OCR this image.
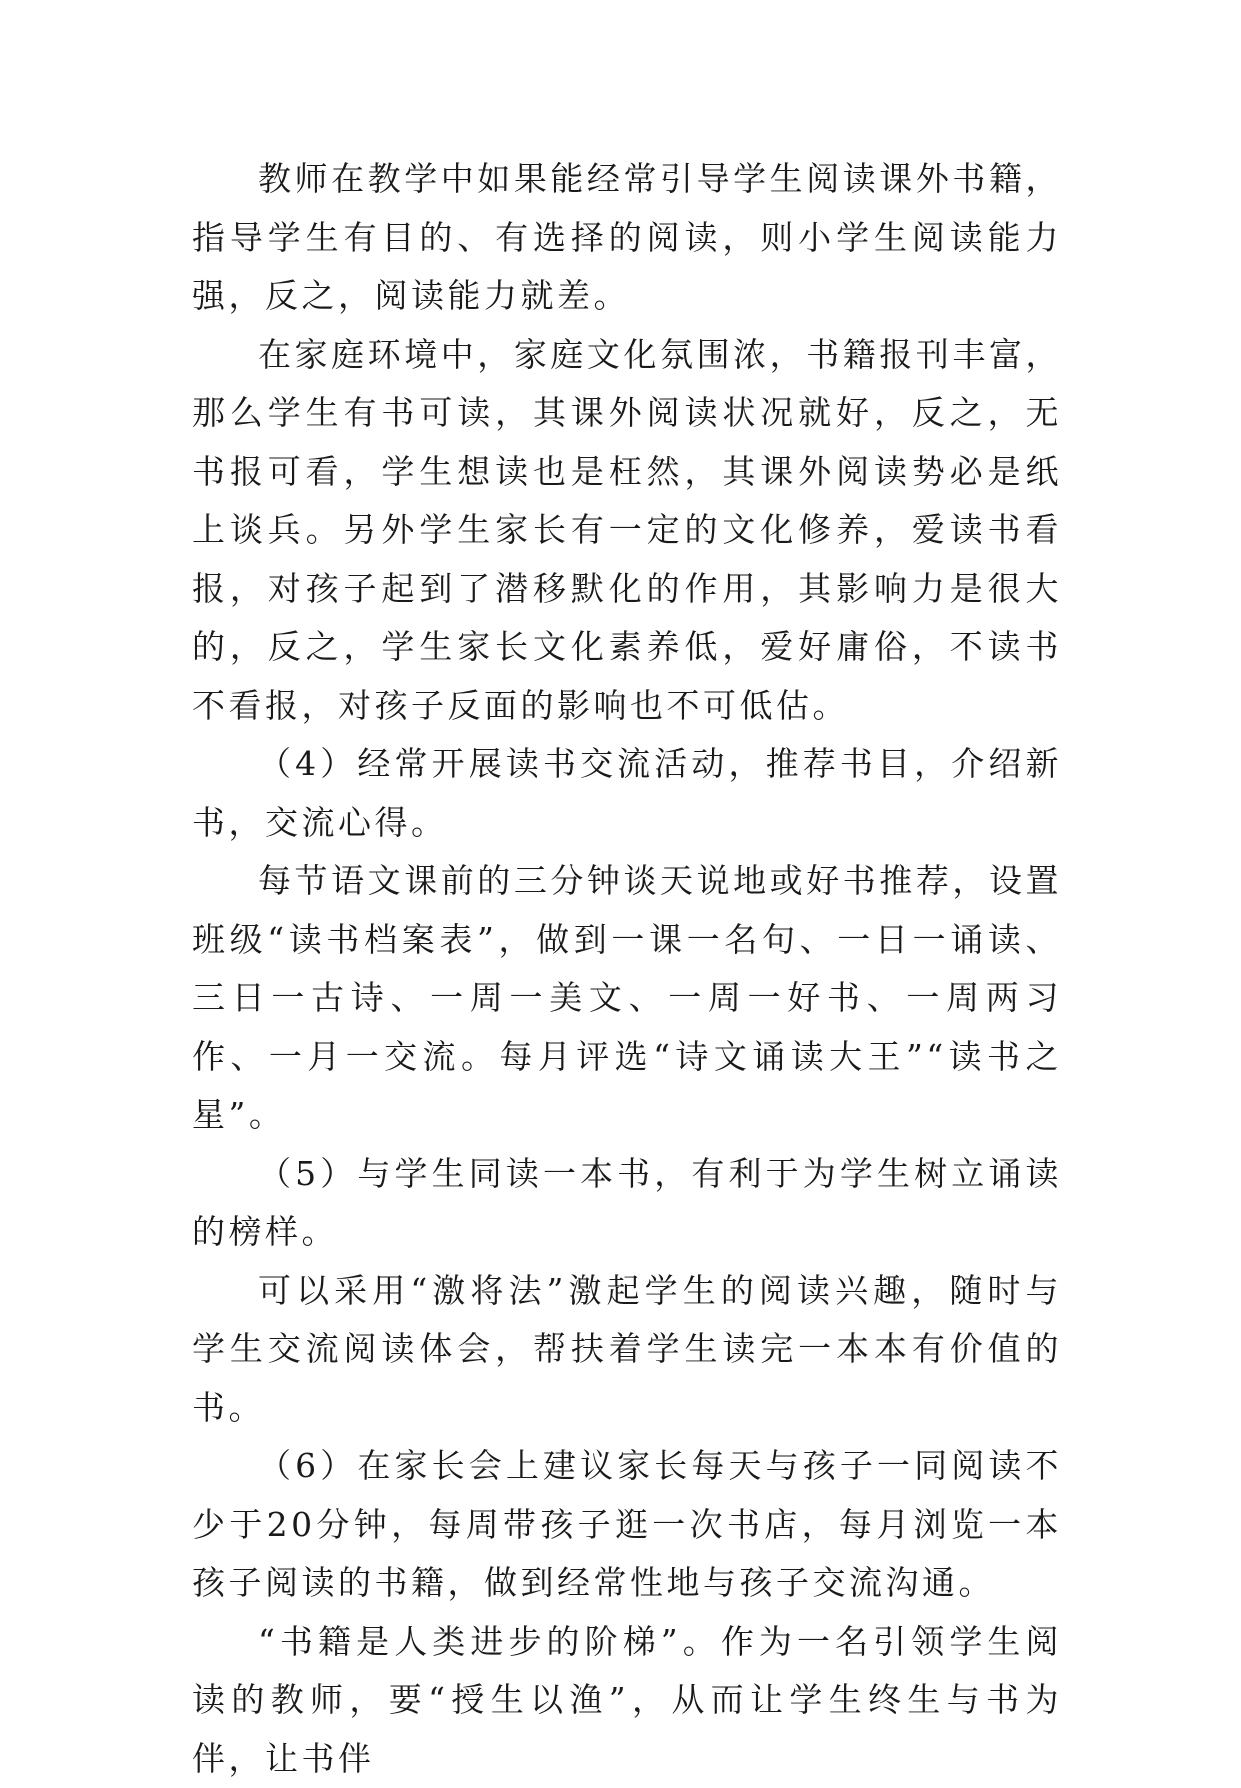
教师在教学中如果能经常引导学生阅读课外书籍，指导学生有目的、有选择的阅读，则小学生阅读能力强，反之，阅读能力就差。

在家庭环境中，家庭文化氛围浓，书籍报刊丰富，那么学生有书可读，其课外阅读状况就好，反之，无书报可看，学生想读也是枉然，其课外阅读势必是纸上谈兵。另外学生家长有一定的文化修养，爱读书看报，对孩子起到了潜移默化的作用，其影响力是很大的，反之，学生家长文化素养低，爱好庸俗，不读书不看报，对孩子反面的影响也不可低估。

（4）经常开展读书交流活动，推荐书目，介绍新书，交流心得。

每节语文课前的三分钟谈天说地或好书推荐，设置班级“读书档案表”，做到一课一名句、一日一诵读、三日一古诗、一周一美文、一周一好书、一周两习作、一月一交流。每月评选“诗文诵读大王”“读书之星”。

（5）与学生同读一本书，有利于为学生树立诵读的榜样。

可以采用“激将法”激起学生的阅读兴趣，随时与学生交流阅读体会，帮扶着学生读完一本本有价值的书。

（6）在家长会上建议家长每天与孩子一同阅读不少于20分钟，每周带孩子逛一次书店，每月浏览一本孩子阅读的书籍，做到经常性地与孩子交流沟通。

“书籍是人类进步的阶梯”。作为一名引领学生阅读的教师，要“授生以渔”，从而让学生终生与书为伴，让书伴
